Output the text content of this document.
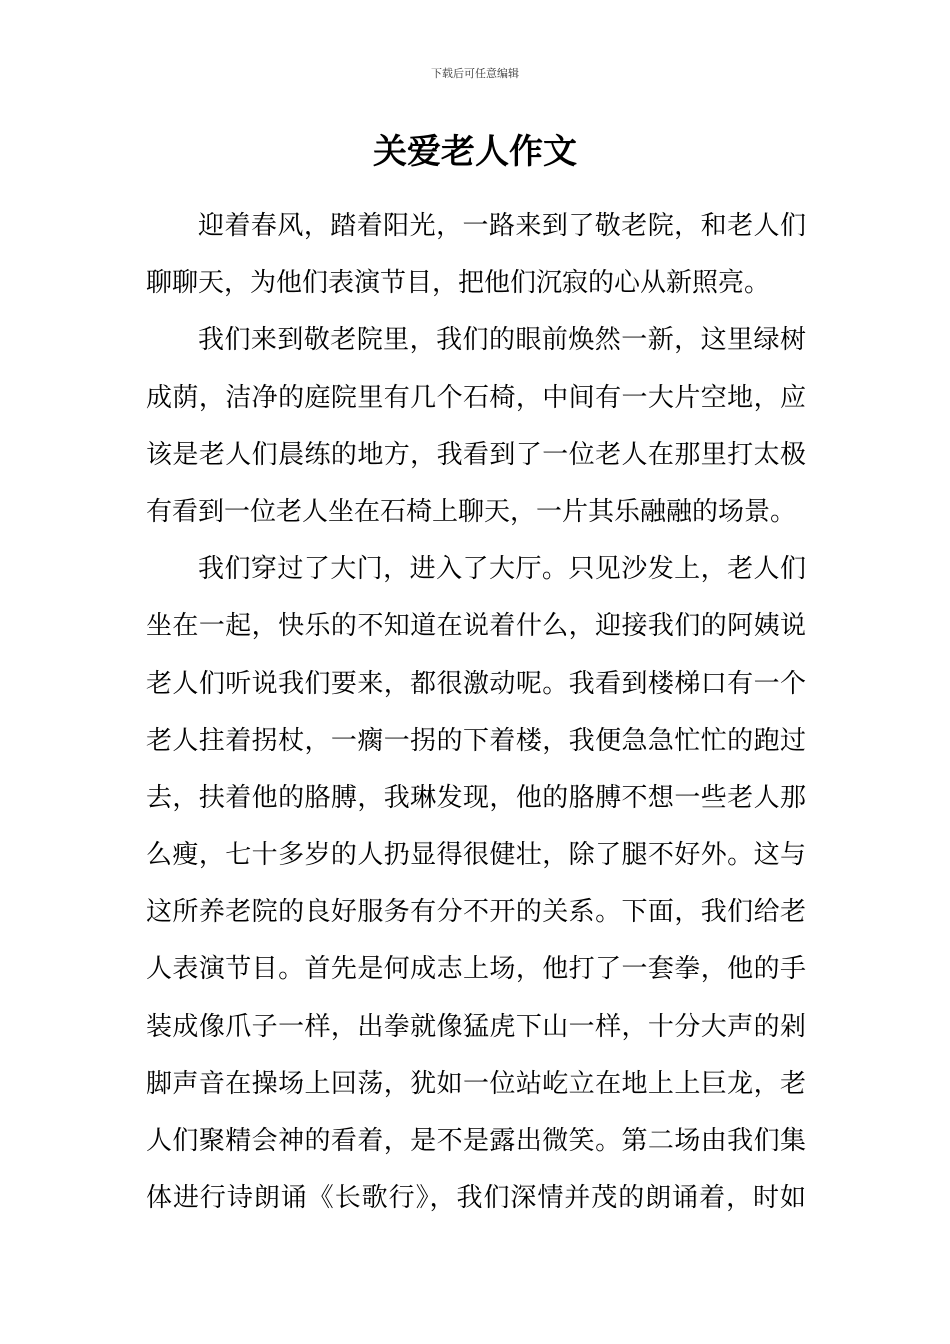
下载后可任意编辑
关爱老人作文
迎着春风，踏着阳光，一路来到了敬老院，和老人们
聊聊天，为他们表演节目，把他们沉寂的心从新照亮。
我们来到敬老院里，我们的眼前焕然一新，这里绿树
成荫，洁净的庭院里有几个石椅，中间有一大片空地，应
该是老人们晨练的地方，我看到了一位老人在那里打太极
有看到一位老人坐在石椅上聊天，一片其乐融融的场景。
我们穿过了大门，进入了大厅。只见沙发上，老人们
坐在一起，快乐的不知道在说着什么，迎接我们的阿姨说
老人们听说我们要来，都很激动呢。我看到楼梯口有一个
老人拄着拐杖，一瘸一拐的下着楼，我便急急忙忙的跑过
去，扶着他的胳膊，我琳发现，他的胳膊不想一些老人那
么瘦，七十多岁的人扔显得很健壮，除了腿不好外。这与
这所养老院的良好服务有分不开的关系。下面，我们给老
人表演节目。首先是何成志上场，他打了一套拳，他的手
装成像爪子一样，出拳就像猛虎下山一样，十分大声的剁
脚声音在操场上回荡，犹如一位站屹立在地上上巨龙，老
人们聚精会神的看着，是不是露出微笑。第二场由我们集
体进行诗朗诵《长歌行》，我们深情并茂的朗诵着，时如
